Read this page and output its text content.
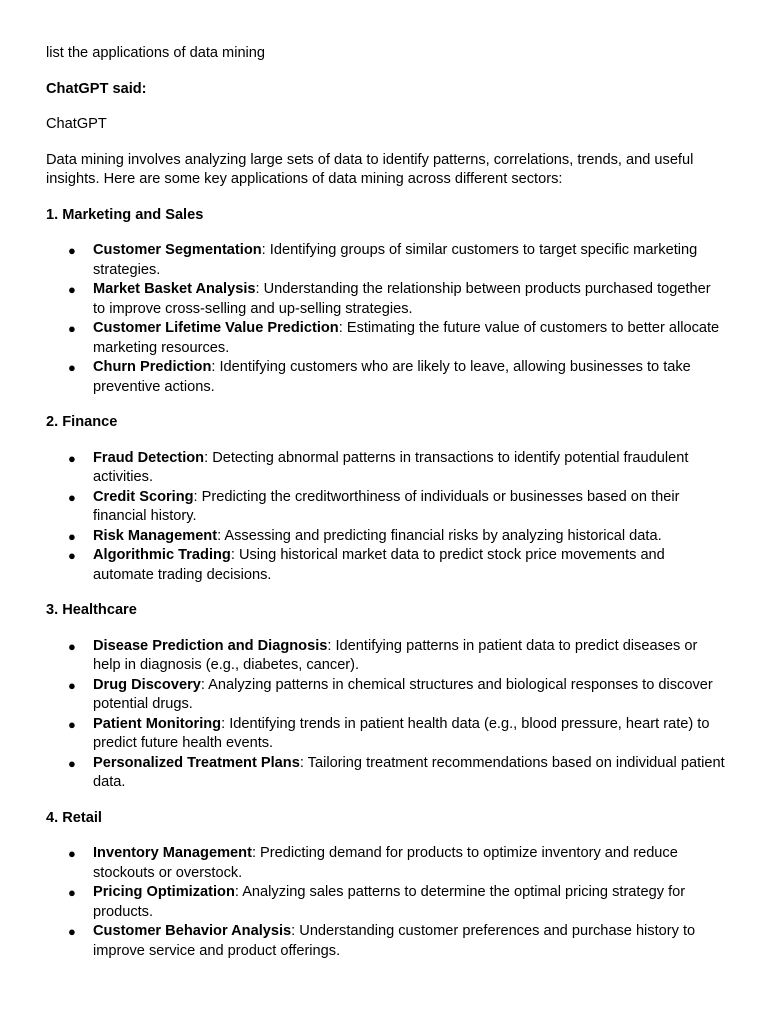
list the applications of data mining

ChatGPT said:

ChatGPT

Data mining involves analyzing large sets of data to identify patterns, correlations, trends, and useful insights. Here are some key applications of data mining across different sectors:

1. Marketing and Sales
● Customer Segmentation: Identifying groups of similar customers to target specific marketing strategies.
● Market Basket Analysis: Understanding the relationship between products purchased together to improve cross-selling and up-selling strategies.
● Customer Lifetime Value Prediction: Estimating the future value of customers to better allocate marketing resources.
● Churn Prediction: Identifying customers who are likely to leave, allowing businesses to take preventive actions.
2. Finance
● Fraud Detection: Detecting abnormal patterns in transactions to identify potential fraudulent activities.
● Credit Scoring: Predicting the creditworthiness of individuals or businesses based on their financial history.
● Risk Management: Assessing and predicting financial risks by analyzing historical data.
● Algorithmic Trading: Using historical market data to predict stock price movements and automate trading decisions.
3. Healthcare
● Disease Prediction and Diagnosis: Identifying patterns in patient data to predict diseases or help in diagnosis (e.g., diabetes, cancer).
● Drug Discovery: Analyzing patterns in chemical structures and biological responses to discover potential drugs.
● Patient Monitoring: Identifying trends in patient health data (e.g., blood pressure, heart rate) to predict future health events.
● Personalized Treatment Plans: Tailoring treatment recommendations based on individual patient data.
4. Retail
● Inventory Management: Predicting demand for products to optimize inventory and reduce stockouts or overstock.
● Pricing Optimization: Analyzing sales patterns to determine the optimal pricing strategy for products.
● Customer Behavior Analysis: Understanding customer preferences and purchase history to improve service and product offerings.
